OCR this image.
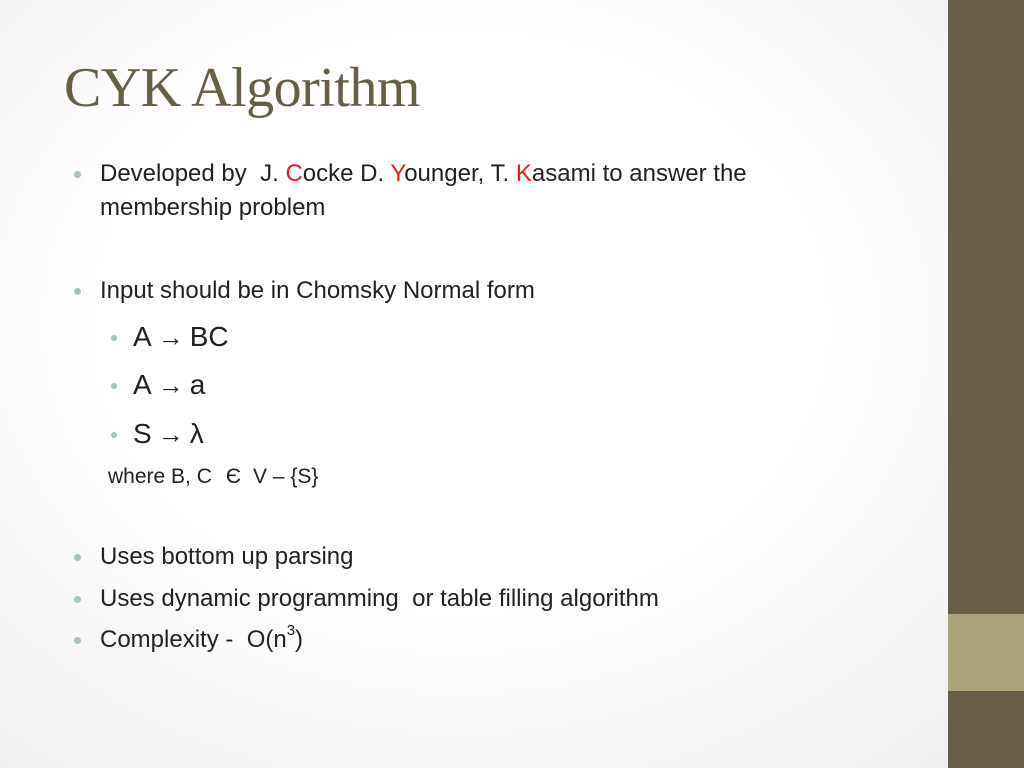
CYK Algorithm
Developed by  J. Cocke D. Younger, T. Kasami to answer the
membership problem
Input should be in Chomsky Normal form
A → BC
A → a
S → λ
where B, C Є V – {S}
Uses bottom up parsing
Uses dynamic programming  or table filling algorithm
Complexity -  $O(n^3)$
